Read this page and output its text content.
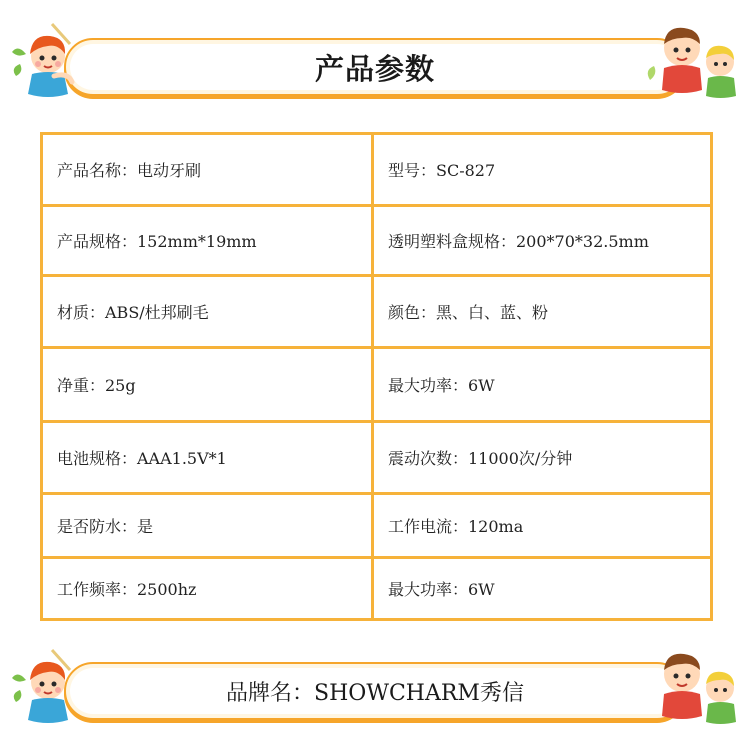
产品参数
产品名称：电动牙刷	型号：SC-827
产品规格：152mm*19mm	透明塑料盒规格：200*70*32.5mm
材质：ABS/杜邦刷毛	颜色：黑、白、蓝、粉
净重：25g	最大功率：6W
电池规格：AAA1.5V*1	震动次数：11000次/分钟
是否防水：是	工作电流：120ma
工作频率：2500hz	最大功率：6W
品牌名：SHOWCHARM秀信
